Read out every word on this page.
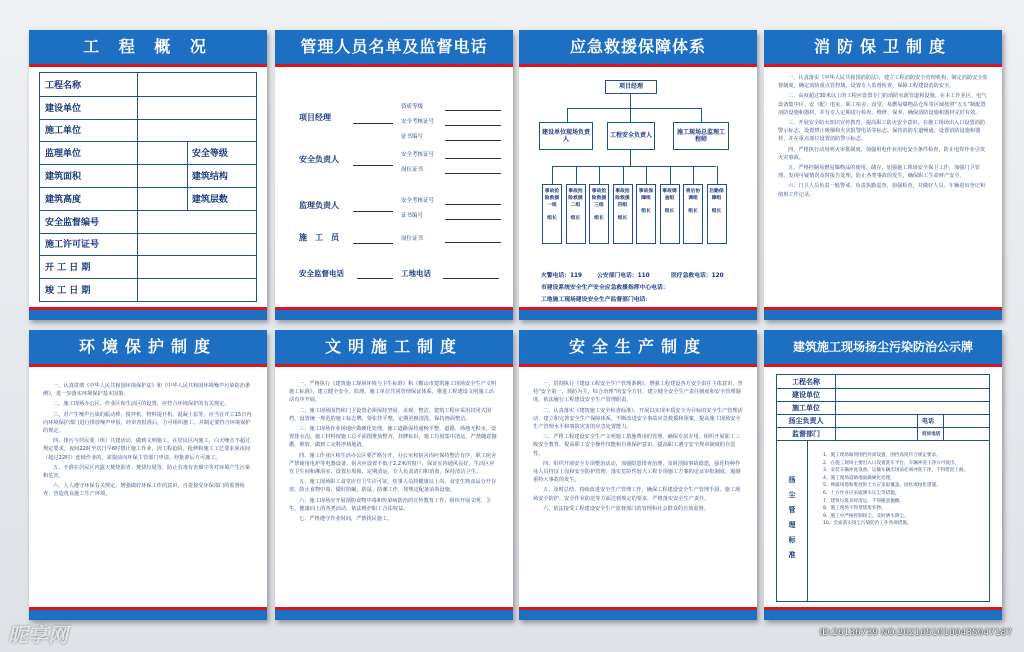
工 程 概 况
工程名称
建设单位
施工单位
监理单位	安全等级
建筑面积	建筑结构
建筑高度	建筑层数
安全监督编号
施工许可证号
开 工 日 期
竣 工 日 期
管理人员名单及监督电话
项目经理
资质等级
安全考核证号
证书编号
安全负责人	安全考核证号
岗位证书
监理负责人	安全考核证号
证书编号
施　工　员	岗位证书
安全监督电话	工地电话
应急救援保障体系
项目经理
建设单位现场负责人
工程安全负责人
施工现场总监理工程师
事故抢险救援一组
组长
事故抢险救援二组
组长
事故抢险救援三组
组长
事故抢险救援四组
组长
事故保障组
组长
事故调查组
组长
善后协调组
组长
后勤保障组
组长
火警电话：119	公安部门电话：110	医疗急救电话：120
市建设系统安全生产安全应急救援指挥中心电话：
工地施工现场建设安全生产监督部门电话：
消防保卫制度

一、认真落实《中华人民共和国消防法》，建立工程消防安全管理机构，制定消防安全监督制度，确定消防重点管控域，设置专人监督检查，保障工程建设消防安全。

二、高度超过30米以上的工程应设置专门的消防水源管道和设施。在本工作业区、电气设备集中区、安（配）电室、职工宿舍、食堂、易燃易爆物品仓库等区域按照“五五”制配置消防设施和器材，并有专人定期进行检查、维修、保养，确保消防设施和器材完好有效。

三、开展安全防火知识宣传教育，提高职工防火安全意识。在施工现场出入口设置消防警示标志，设置禁止吸烟和火灾报警电话等标志。保持消防车道畅通，设置消防设施和器材，并在重点部位设置消防警示标志。

四、严格执行动用明火审批制度，加强用电作业用电安全条件检查，防止电焊作业引发火灾事故。

五、严格控制易燃易爆物品的使用、储存，加强施工现场安全保卫工作，加强门卫管理，发现可疑情况及时报告处理，防止各类事故的发生，确保职工生命财产安全。

六、门卫人员负责一般警戒，负责执勤巡查，加强检查，并做好人员、车辆进出登记和值班工作记录。

环境保护制度

一、认真贯彻《中华人民共和国环境保护法》和《中华人民共和国环境噪声污染防治条例》，进一步落实环境保护基本国策。

二、施工现场办公区、作业区和生活区的设置，应符合环境保护的有关规定。

三、对产生噪声污染的振动棒、搅拌机、物料提升机、混凝土泵等，应当在开工15日内向环境保护部门进行排放噪声申报，经审查批准后，方可组织施工，并制定要符合环境保护的规定。

四、排污与居民委（组）共建活动，做到文明施工。在居民区内施工，白天噪音不超过规定要求，夜间22时至次日早6时禁止施工作业，因工程抢险、抢修和施工工艺要求须夜间（超过22时）连续作业的，需提前向环保主管部门申请，经批准后方可施工。

五、不准在居民区内露天焚烧沥青、焚烧垃圾等，防止有毒有害烟尘等对环境产生污染和危害。

六、人人遵守环保有关规定，增强做好环保工作的意识，自觉接受环保部门的监督检查，营造优良施工生产环境。

文明施工制度

一、严格执行《建筑施工现场环境与卫生标准》和《鞍山市建筑施工现场安全生产文明施工标准》，建立健全安全、监理、施工单位共同管理保证体系，推进工程建设文明施工活动有序开展。

二、施工现场围挡和门卫设置必须保持坚固、美观、整洁。建筑工程应采用封闭式围挡，设置统一规范的施工标志牌，要张挂平整，定期更换清洗，保持画面整洁。

三、施工现场作业场地应做硬化处理，施工道路保持通畅平整，道路、场地无积水，设置排水沟。施工材料按施工总平面图堆放整齐，挂牌标识，施工垃圾集中清运，严禁随意抛撒、堆放，做到工完料净场地清。

四、施工作业区和生活办公区要严格分开，办公室和宿舍内应保持整洁有序，职工宿舍严禁使用电炉等电器设备，宿舍应设置不低于2.2米的窗户，保证室内通风良好，生活区应有卫生间和淋浴室，设置垃圾箱，定期清运，专人负责清扫和消毒，保持清洁卫生。

五、施工现场职工食堂应有卫生许可证，炊事人员持健康证上岗，食堂生熟食品分开存放，防止食物中毒，做好防蝇、防鼠、防潮工作，按规定配备消毒设施。

六、施工现场应开展预防食物中毒和传染病防治的宣传教育工作，组织开展文明、卫生、健康向上的各类活动，依法维护职工合法权益。

七、严格遵守作业时间，严禁扰民施工。

安全生产制度

一、贯彻执行《建设工程安全生产管理条例》，增强工程建设各方安全责任主体意识，坚持“安全第一，预防为主，综合治理”的安全方针，建立健全安全生产责任制度和安全管理制度，依法履行工程建设安全生产管理职责。

二、认真落实《建筑施工安全检查标准》，开展以实现本质安全为目标的安全生产管理活动，建立和完善安全生产保障体系，不断改进安全事故应急救援和预案，提高施工现场安全生产管理水平和事故灾害的应急处置能力。

三、严格工程建设安全生产文明施工措施费用的管理，确保专款专用。组织开展职工三级安全教育，提高职工安全操作技能和自我保护意识，提高职工遵守安全规章制度的自觉性。

四、组织开展安全专项整治活动，加强隐患排查治理，及时消除事故隐患，强化特种作业人员持证上岗和安全防护管理，落实危险性较大工程专项施工方案的论证审批制度，遏制重特大事故的发生。

五、及时总结、持续改进安全生产管理工作，确保工程建设安全生产管理手段、施工现场安全防护、安全作业防范等方面达到规定的要求，严格落实安全生产责任。

六、依法接受工程建设安全生产监督部门的管理和社会群众的有效监督。

建筑施工现场扬尘污染防治公示牌
工程名称
建设单位
施工单位
扬尘负责人	电话
监督部门	投诉电话
扬尘管理标准
1、施工现场做到围挡封闭设置，围挡高度符合规定要求。
2、在施工现场主要出入口设置洗车平台，车辆冲洗干净方可驶出。
3、安装车辆冲洗设备，运输车辆出场前必须冲洗干净，不得带泥上路。
4、施工现场道路地面做硬化处理。
5、裸露场地和堆放的土方应采取覆盖、固化或绿化措施。
6、土方作业应采取洒水压尘等措施。
7、建筑垃圾及时清运，不得随意抛撒。
8、施工现场不得焚烧废弃物。
9、施工中严格控制扬尘，及时洒水降尘。
10、全面落实扬尘污染防治工作各项措施。
昵享网	ID:26136739 NO:20210510100435047187
